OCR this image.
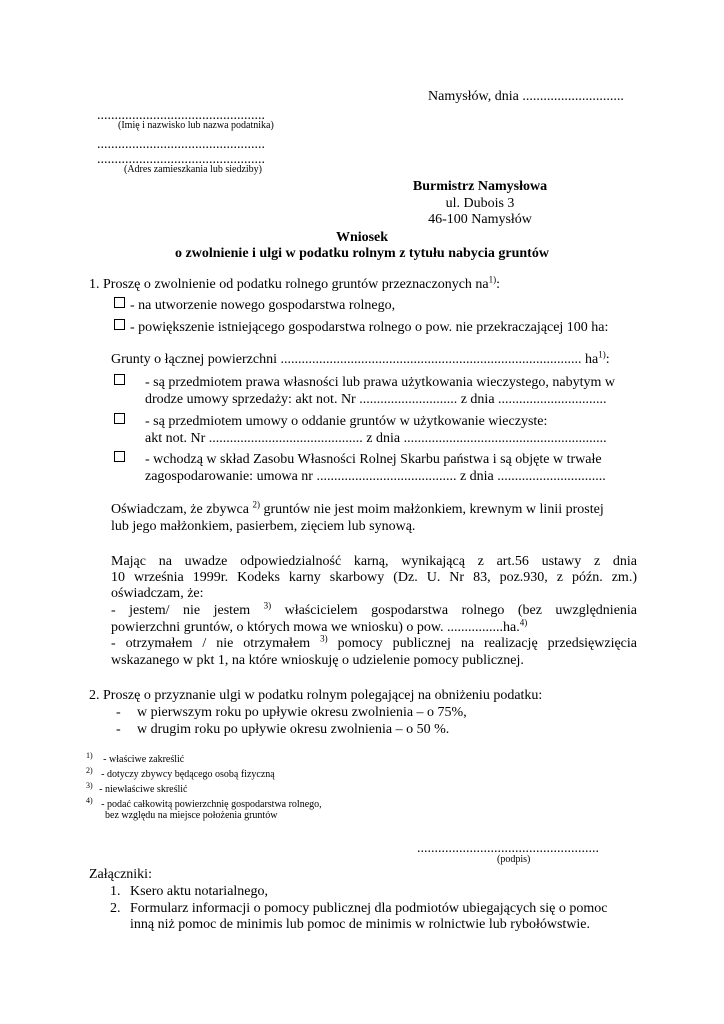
Namysłów, dnia .............................
................................................
(Imię i nazwisko lub nazwa podatnika)
................................................
................................................
(Adres zamieszkania lub siedziby)
Burmistrz Namysłowa
ul. Dubois 3
46-100 Namysłów
Wniosek
o zwolnienie i ulgi w podatku rolnym z tytułu nabycia gruntów
1. Proszę o zwolnienie od podatku rolnego gruntów przeznaczonych $na^{1)}$:
- na utworzenie nowego gospodarstwa rolnego,
- powiększenie istniejącego gospodarstwa rolnego o pow. nie przekraczającej 100 ha:
Grunty o łącznej powierzchni ...................................................................................... $ha^{1)}$:
- są przedmiotem prawa własności lub prawa użytkowania wieczystego, nabytym w
drodze umowy sprzedaży: akt not. Nr ............................ z dnia ...............................
- są przedmiotem umowy o oddanie gruntów w użytkowanie wieczyste:
akt not. Nr ............................................ z dnia ..........................................................
- wchodzą w skład Zasobu Własności Rolnej Skarbu państwa i są objęte w trwałe
zagospodarowanie: umowa nr ........................................ z dnia ...............................
Oświadczam, że zbywca $^{2)}$ gruntów nie jest moim małżonkiem, krewnym w linii prostej
lub jego małżonkiem, pasierbem, zięciem lub synową.
Mając na uwadze odpowiedzialność karną, wynikającą z art.56 ustawy z dnia
10 września 1999r. Kodeks karny skarbowy (Dz. U. Nr 83, poz.930, z późn. zm.)
oświadczam, że:
- jestem/ nie jestem $^{3)}$ właścicielem gospodarstwa rolnego (bez uwzględnienia
powierzchni gruntów, o których mowa we wniosku) o pow. ................ha.$^{4)}$
- otrzymałem / nie otrzymałem $^{3)}$ pomocy publicznej na realizację przedsięwzięcia
wskazanego w pkt 1, na które wnioskuję o udzielenie pomocy publicznej.
2. Proszę o przyznanie ulgi w podatku rolnym polegającej na obniżeniu podatku:
- w pierwszym roku po upływie okresu zwolnienia – o 75%,
- w drugim roku po upływie okresu zwolnienia – o 50 %.
$^{1)}$ - właściwe zakreślić
$^{2)}$ - dotyczy zbywcy będącego osobą fizyczną
$^{3)}$ - niewłaściwe skreślić
$^{4)}$ - podać całkowitą powierzchnię gospodarstwa rolnego,
bez względu na miejsce położenia gruntów
....................................................
(podpis)
Załączniki:
1. Ksero aktu notarialnego,
2. Formularz informacji o pomocy publicznej dla podmiotów ubiegających się o pomoc
inną niż pomoc de minimis lub pomoc de minimis w rolnictwie lub rybołówstwie.
